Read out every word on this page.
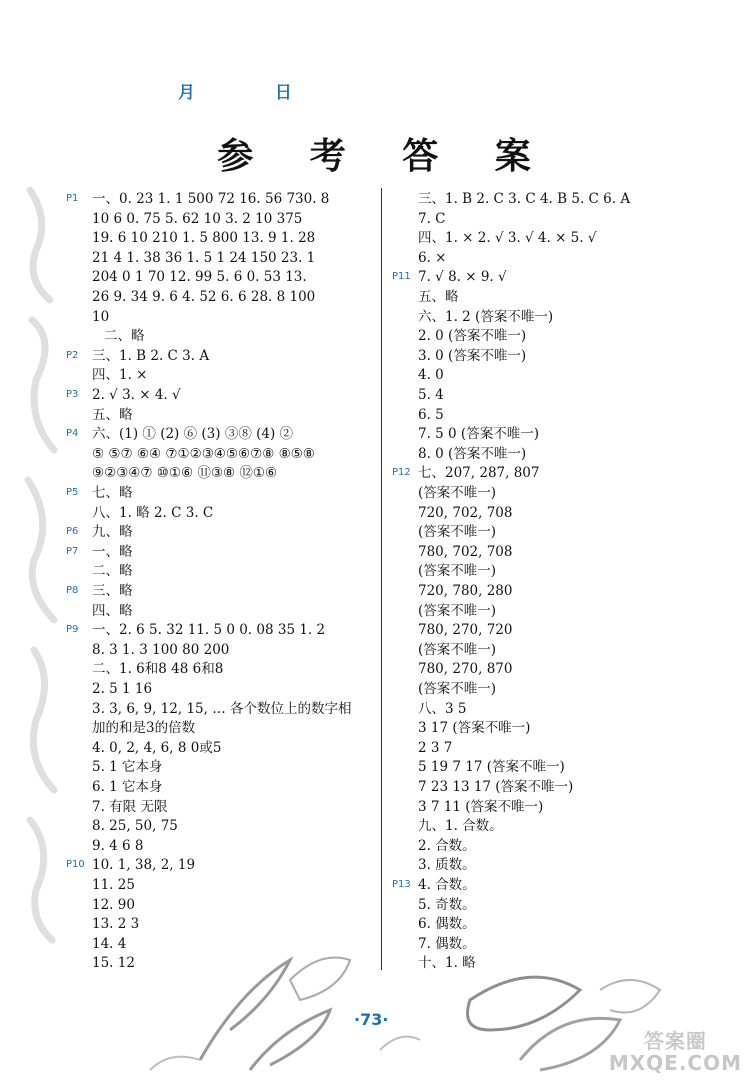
月	日
参 考 答 案
一、0. 23 1. 1 500 72 16. 56 730. 8
P1
10 6 0. 75 5. 62 10 3. 2 10 375
19. 6 10 210 1. 5 800 13. 9 1. 28
21 4 1. 38 36 1. 5 1 24 150 23. 1
204 0 1 70 12. 99 5. 6 0. 53 13.
26 9. 34 9. 6 4. 52 6. 6 28. 8 100
10
二、略
三、1. B 2. C 3. A
P2
四、1. ×
2. √ 3. × 4. √
P3
五、略
六、(1) ① (2) ⑥ (3) ③⑧ (4) ②
P4
⑤ ⑤⑦ ⑥④ ⑦①②③④⑤⑥⑦⑧ ⑧⑤⑧
⑨②③④⑦ ⑩①⑥ ⑪③⑧ ⑫①⑥
七、略
P5
八、1. 略 2. C 3. C
九、略
P6
一、略
P7
二、略
三、略
P8
四、略
一、2. 6 5. 32 11. 5 0 0. 08 35 1. 2
P9
8. 3 1. 3 100 80 200
二、1. 6和8 48 6和8
2. 5 1 16
3. 3, 6, 9, 12, 15, … 各个数位上的数字相
加的和是3的倍数
4. 0, 2, 4, 6, 8 0或5
5. 1 它本身
6. 1 它本身
7. 有限 无限
8. 25, 50, 75
9. 4 6 8
10. 1, 38, 2, 19
P10
11. 25
12. 90
13. 2 3
14. 4
15. 12
三、1. B 2. C 3. C 4. B 5. C 6. A
7. C
四、1. × 2. √ 3. √ 4. × 5. √
6. ×
7. √ 8. × 9. √
P11
五、略
六、1. 2 (答案不唯一)
2. 0 (答案不唯一)
3. 0 (答案不唯一)
4. 0
5. 4
6. 5
7. 5 0 (答案不唯一)
8. 0 (答案不唯一)
七、207, 287, 807
P12
(答案不唯一)
720, 702, 708
(答案不唯一)
780, 702, 708
(答案不唯一)
720, 780, 280
(答案不唯一)
780, 270, 720
(答案不唯一)
780, 270, 870
(答案不唯一)
八、3 5
3 17 (答案不唯一)
2 3 7
5 19 7 17 (答案不唯一)
7 23 13 17 (答案不唯一)
3 7 11 (答案不唯一)
九、1. 合数。
2. 合数。
3. 质数。
4. 合数。
P13
5. 奇数。
6. 偶数。
7. 偶数。
十、1. 略
·73·
答案圈
MXQE.COM
